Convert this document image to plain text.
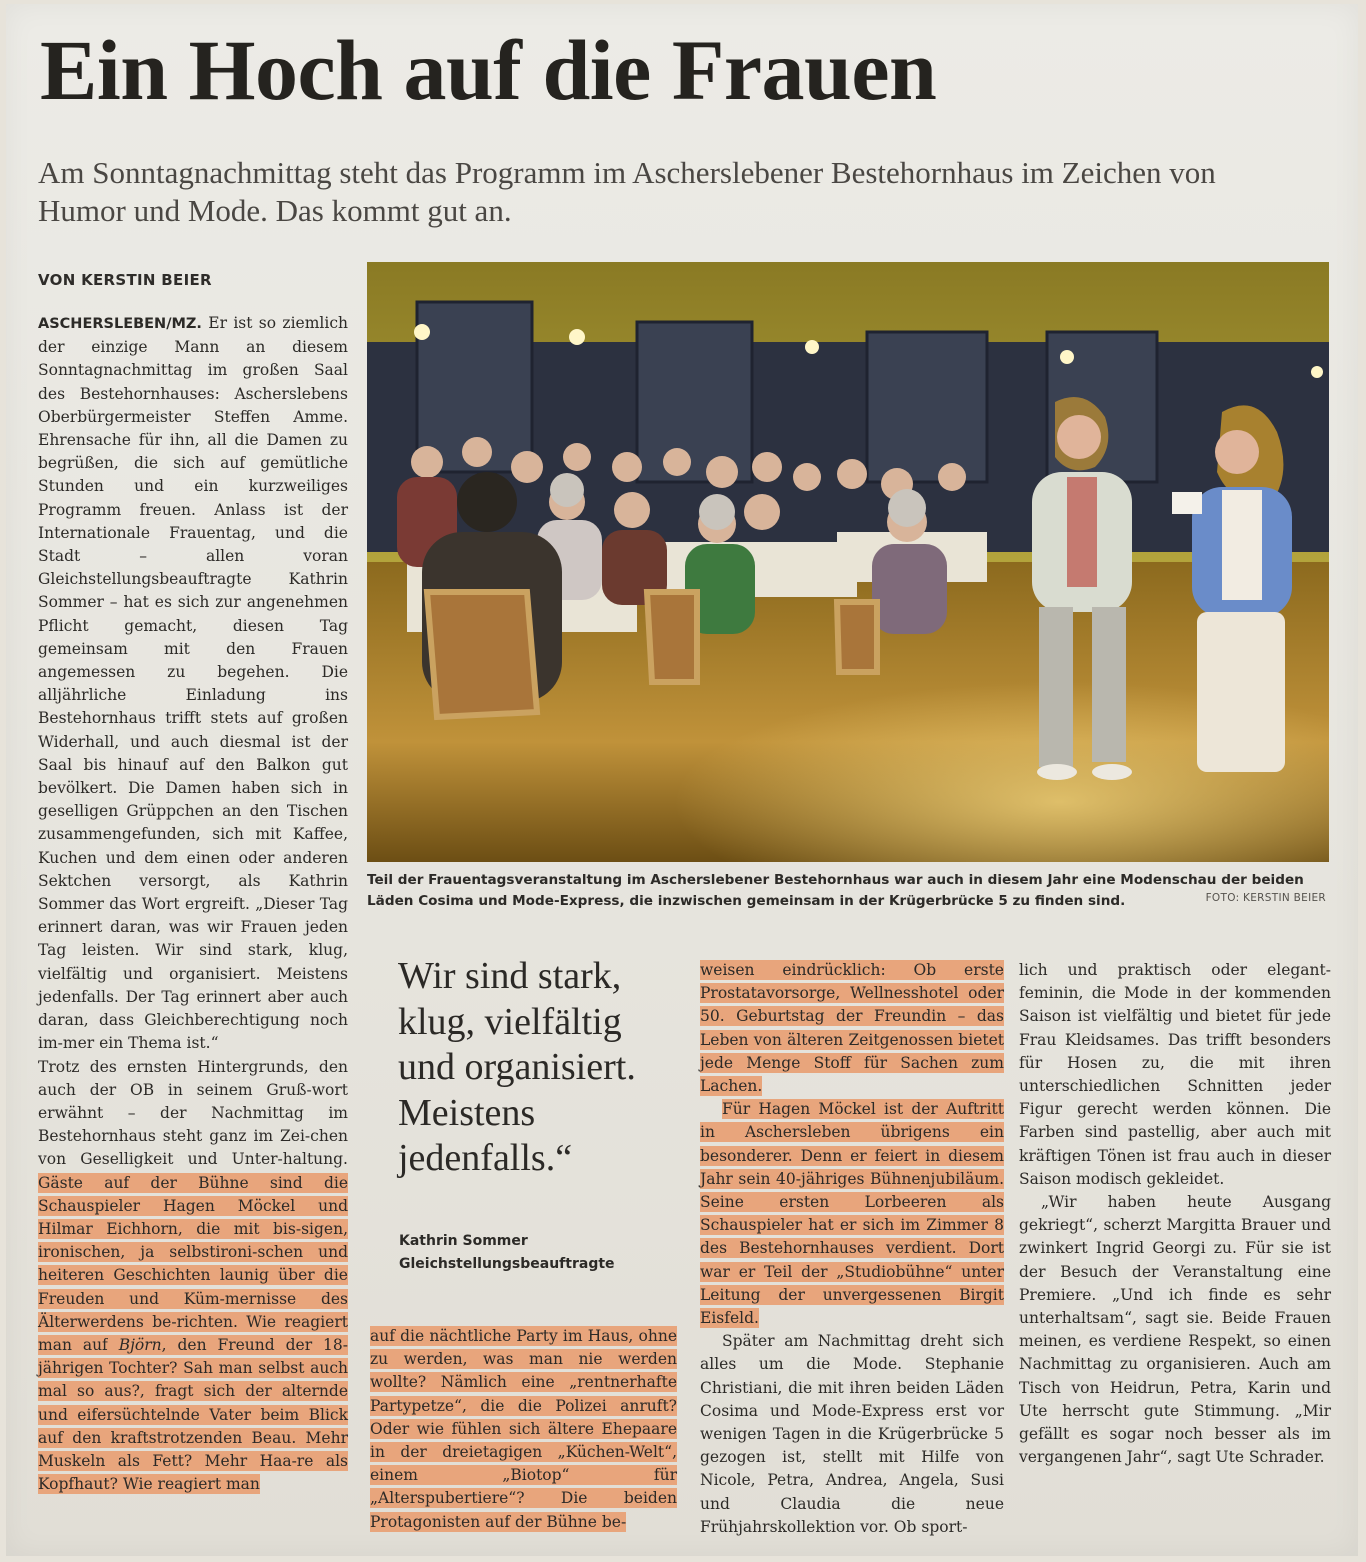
Ein Hoch auf die Frauen

Am Sonntagnachmittag steht das Programm im Ascherslebener Bestehornhaus im Zeichen von Humor und Mode. Das kommt gut an.

VON KERSTIN BEIER

ASCHERSLEBEN/MZ. Er ist so ziemlich der einzige Mann an diesem Sonntagnachmittag im großen Saal des Bestehornhauses: Ascherslebens Oberbürgermeister Steffen Amme. Ehrensache für ihn, all die Damen zu begrüßen, die sich auf gemütliche Stunden und ein kurzweiliges Programm freuen. Anlass ist der Internationale Frauentag, und die Stadt – allen voran Gleichstellungsbeauftragte Kathrin Sommer – hat es sich zur angenehmen Pflicht gemacht, diesen Tag gemeinsam mit den Frauen angemessen zu begehen. Die alljährliche Einladung ins Bestehornhaus trifft stets auf großen Widerhall, und auch diesmal ist der Saal bis hinauf auf den Balkon gut bevölkert. Die Damen haben sich in geselligen Grüppchen an den Tischen zusammengefunden, sich mit Kaffee, Kuchen und dem einen oder anderen Sektchen versorgt, als Kathrin Sommer das Wort ergreift. „Dieser Tag erinnert daran, was wir Frauen jeden Tag leisten. Wir sind stark, klug, vielfältig und organisiert. Meistens jedenfalls. Der Tag erinnert aber auch daran, dass Gleichberechtigung noch im-mer ein Thema ist.“

Trotz des ernsten Hintergrunds, den auch der OB in seinem Gruß-wort erwähnt – der Nachmittag im Bestehornhaus steht ganz im Zei-chen von Geselligkeit und Unter-haltung. Gäste auf der Bühne sind die Schauspieler Hagen Möckel und Hilmar Eichhorn, die mit bis-sigen, ironischen, ja selbstironi-schen und heiteren Geschichten launig über die Freuden und Küm-mernisse des Älterwerdens be-richten. Wie reagiert man auf Björn, den Freund der 18-jährigen Tochter? Sah man selbst auch mal so aus?, fragt sich der alternde und eifersüchtelnde Vater beim Blick auf den kraftstrotzenden Beau. Mehr Muskeln als Fett? Mehr Haa-re als Kopfhaut? Wie reagiert man

Teil der Frauentagsveranstaltung im Ascherslebener Bestehornhaus war auch in diesem Jahr eine Modenschau der beiden Läden Cosima und Mode-Express, die inzwischen gemeinsam in der Krügerbrücke 5 zu finden sind.	FOTO: KERSTIN BEIER
Wir sind stark, klug, vielfältig und organisiert. Meistens jedenfalls.“
Kathrin Sommer
Gleichstellungsbeauftragte

auf die nächtliche Party im Haus, ohne zu werden, was man nie werden wollte? Nämlich eine „rentnerhafte Partypetze“, die die Polizei anruft? Oder wie fühlen sich ältere Ehepaare in der dreietagigen „Küchen-Welt“, einem „Biotop“ für „Alterspubertiere“? Die beiden Protagonisten auf der Bühne be-

weisen eindrücklich: Ob erste Prostatavorsorge, Wellnesshotel oder 50. Geburtstag der Freundin – das Leben von älteren Zeitgenossen bietet jede Menge Stoff für Sachen zum Lachen.

Für Hagen Möckel ist der Auftritt in Aschersleben übrigens ein besonderer. Denn er feiert in diesem Jahr sein 40-jähriges Bühnenjubiläum. Seine ersten Lorbeeren als Schauspieler hat er sich im Zimmer 8 des Bestehornhauses verdient. Dort war er Teil der „Studiobühne“ unter Leitung der unvergessenen Birgit Eisfeld.

Später am Nachmittag dreht sich alles um die Mode. Stephanie Christiani, die mit ihren beiden Läden Cosima und Mode-Express erst vor wenigen Tagen in die Krügerbrücke 5 gezogen ist, stellt mit Hilfe von Nicole, Petra, Andrea, Angela, Susi und Claudia die neue Frühjahrskollektion vor. Ob sport-

lich und praktisch oder elegant-feminin, die Mode in der kommenden Saison ist vielfältig und bietet für jede Frau Kleidsames. Das trifft besonders für Hosen zu, die mit ihren unterschiedlichen Schnitten jeder Figur gerecht werden können. Die Farben sind pastellig, aber auch mit kräftigen Tönen ist frau auch in dieser Saison modisch gekleidet.

„Wir haben heute Ausgang gekriegt“, scherzt Margitta Brauer und zwinkert Ingrid Georgi zu. Für sie ist der Besuch der Veranstaltung eine Premiere. „Und ich finde es sehr unterhaltsam“, sagt sie. Beide Frauen meinen, es verdiene Respekt, so einen Nachmittag zu organisieren. Auch am Tisch von Heidrun, Petra, Karin und Ute herrscht gute Stimmung. „Mir gefällt es sogar noch besser als im vergangenen Jahr“, sagt Ute Schrader.
